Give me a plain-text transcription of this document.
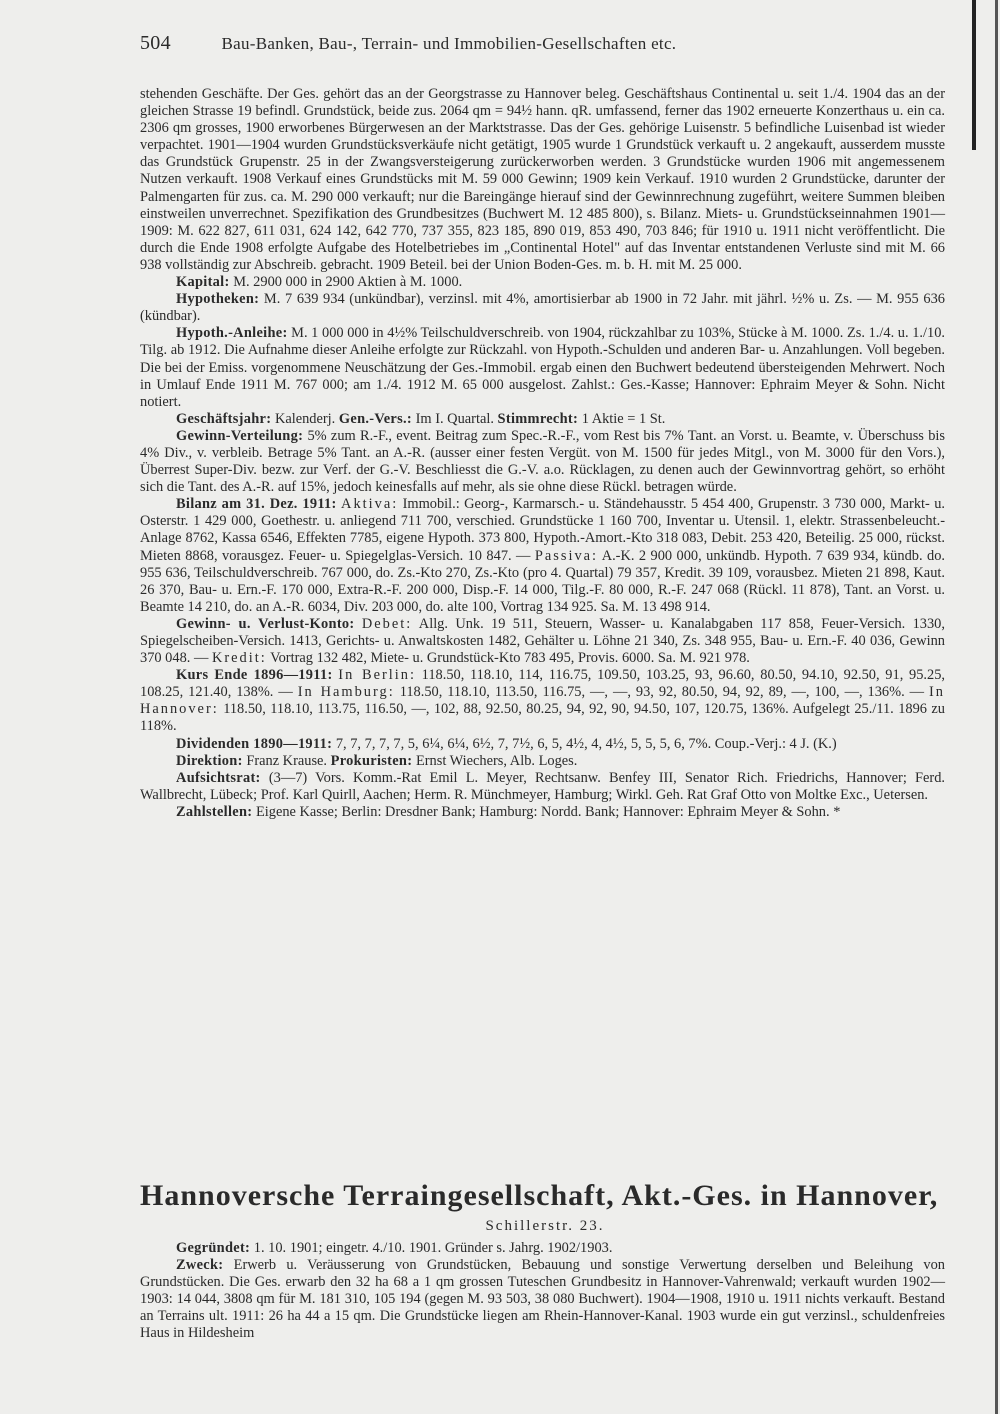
504	Bau-Banken, Bau-, Terrain- und Immobilien-Gesellschaften etc.

stehenden Geschäfte. Der Ges. gehört das an der Georgstrasse zu Hannover beleg. Geschäftshaus Continental u. seit 1./4. 1904 das an der gleichen Strasse 19 befindl. Grundstück, beide zus. 2064 qm = 94½ hann. qR. umfassend, ferner das 1902 erneuerte Konzerthaus u. ein ca. 2306 qm grosses, 1900 erworbenes Bürgerwesen an der Marktstrasse. Das der Ges. gehörige Luisenstr. 5 befindliche Luisenbad ist wieder verpachtet. 1901—1904 wurden Grundstücksverkäufe nicht getätigt, 1905 wurde 1 Grundstück verkauft u. 2 angekauft, ausserdem musste das Grundstück Grupenstr. 25 in der Zwangsversteigerung zurückerworben werden. 3 Grundstücke wurden 1906 mit angemessenem Nutzen verkauft. 1908 Verkauf eines Grundstücks mit M. 59 000 Gewinn; 1909 kein Verkauf. 1910 wurden 2 Grundstücke, darunter der Palmengarten für zus. ca. M. 290 000 verkauft; nur die Bareingänge hierauf sind der Gewinnrechnung zugeführt, weitere Summen bleiben einstweilen unverrechnet. Spezifikation des Grundbesitzes (Buchwert M. 12 485 800), s. Bilanz. Miets- u. Grundstückseinnahmen 1901—1909: M. 622 827, 611 031, 624 142, 642 770, 737 355, 823 185, 890 019, 853 490, 703 846; für 1910 u. 1911 nicht veröffentlicht. Die durch die Ende 1908 erfolgte Aufgabe des Hotelbetriebes im „Continental Hotel" auf das Inventar entstandenen Verluste sind mit M. 66 938 vollständig zur Abschreib. gebracht. 1909 Beteil. bei der Union Boden-Ges. m. b. H. mit M. 25 000.

Kapital: M. 2900 000 in 2900 Aktien à M. 1000.

Hypotheken: M. 7 639 934 (unkündbar), verzinsl. mit 4%, amortisierbar ab 1900 in 72 Jahr. mit jährl. ½% u. Zs. — M. 955 636 (kündbar).

Hypoth.-Anleihe: M. 1 000 000 in 4½% Teilschuldverschreib. von 1904, rückzahlbar zu 103%, Stücke à M. 1000. Zs. 1./4. u. 1./10. Tilg. ab 1912. Die Aufnahme dieser Anleihe erfolgte zur Rückzahl. von Hypoth.-Schulden und anderen Bar- u. Anzahlungen. Voll begeben. Die bei der Emiss. vorgenommene Neuschätzung der Ges.-Immobil. ergab einen den Buchwert bedeutend übersteigenden Mehrwert. Noch in Umlauf Ende 1911 M. 767 000; am 1./4. 1912 M. 65 000 ausgelost. Zahlst.: Ges.-Kasse; Hannover: Ephraim Meyer & Sohn. Nicht notiert.

Geschäftsjahr: Kalenderj. Gen.-Vers.: Im I. Quartal. Stimmrecht: 1 Aktie = 1 St.

Gewinn-Verteilung: 5% zum R.-F., event. Beitrag zum Spec.-R.-F., vom Rest bis 7% Tant. an Vorst. u. Beamte, v. Überschuss bis 4% Div., v. verbleib. Betrage 5% Tant. an A.-R. (ausser einer festen Vergüt. von M. 1500 für jedes Mitgl., von M. 3000 für den Vors.), Überrest Super-Div. bezw. zur Verf. der G.-V. Beschliesst die G.-V. a.o. Rücklagen, zu denen auch der Gewinnvortrag gehört, so erhöht sich die Tant. des A.-R. auf 15%, jedoch keinesfalls auf mehr, als sie ohne diese Rückl. betragen würde.

Bilanz am 31. Dez. 1911: Aktiva: Immobil.: Georg-, Karmarsch.- u. Ständehausstr. 5 454 400, Grupenstr. 3 730 000, Markt- u. Osterstr. 1 429 000, Goethestr. u. anliegend 711 700, verschied. Grundstücke 1 160 700, Inventar u. Utensil. 1, elektr. Strassenbeleucht.-Anlage 8762, Kassa 6546, Effekten 7785, eigene Hypoth. 373 800, Hypoth.-Amort.-Kto 318 083, Debit. 253 420, Beteilig. 25 000, rückst. Mieten 8868, vorausgez. Feuer- u. Spiegelglas-Versich. 10 847. — Passiva: A.-K. 2 900 000, unkündb. Hypoth. 7 639 934, kündb. do. 955 636, Teilschuldverschreib. 767 000, do. Zs.-Kto 270, Zs.-Kto (pro 4. Quartal) 79 357, Kredit. 39 109, vorausbez. Mieten 21 898, Kaut. 26 370, Bau- u. Ern.-F. 170 000, Extra-R.-F. 200 000, Disp.-F. 14 000, Tilg.-F. 80 000, R.-F. 247 068 (Rückl. 11 878), Tant. an Vorst. u. Beamte 14 210, do. an A.-R. 6034, Div. 203 000, do. alte 100, Vortrag 134 925. Sa. M. 13 498 914.

Gewinn- u. Verlust-Konto: Debet: Allg. Unk. 19 511, Steuern, Wasser- u. Kanalabgaben 117 858, Feuer-Versich. 1330, Spiegelscheiben-Versich. 1413, Gerichts- u. Anwaltskosten 1482, Gehälter u. Löhne 21 340, Zs. 348 955, Bau- u. Ern.-F. 40 036, Gewinn 370 048. — Kredit: Vortrag 132 482, Miete- u. Grundstück-Kto 783 495, Provis. 6000. Sa. M. 921 978.

Kurs Ende 1896—1911: In Berlin: 118.50, 118.10, 114, 116.75, 109.50, 103.25, 93, 96.60, 80.50, 94.10, 92.50, 91, 95.25, 108.25, 121.40, 138%. — In Hamburg: 118.50, 118.10, 113.50, 116.75, —, —, 93, 92, 80.50, 94, 92, 89, —, 100, —, 136%. — In Hannover: 118.50, 118.10, 113.75, 116.50, —, 102, 88, 92.50, 80.25, 94, 92, 90, 94.50, 107, 120.75, 136%. Aufgelegt 25./11. 1896 zu 118%.

Dividenden 1890—1911: 7, 7, 7, 7, 7, 5, 6¼, 6¼, 6½, 7, 7½, 6, 5, 4½, 4, 4½, 5, 5, 5, 6, 7%. Coup.-Verj.: 4 J. (K.)

Direktion: Franz Krause. Prokuristen: Ernst Wiechers, Alb. Loges.

Aufsichtsrat: (3—7) Vors. Komm.-Rat Emil L. Meyer, Rechtsanw. Benfey III, Senator Rich. Friedrichs, Hannover; Ferd. Wallbrecht, Lübeck; Prof. Karl Quirll, Aachen; Herm. R. Münchmeyer, Hamburg; Wirkl. Geh. Rat Graf Otto von Moltke Exc., Uetersen.

Zahlstellen: Eigene Kasse; Berlin: Dresdner Bank; Hamburg: Nordd. Bank; Hannover: Ephraim Meyer & Sohn. *

Hannoversche Terraingesellschaft, Akt.-Ges. in Hannover,
Schillerstr. 23.

Gegründet: 1. 10. 1901; eingetr. 4./10. 1901. Gründer s. Jahrg. 1902/1903.

Zweck: Erwerb u. Veräusserung von Grundstücken, Bebauung und sonstige Verwertung derselben und Beleihung von Grundstücken. Die Ges. erwarb den 32 ha 68 a 1 qm grossen Tuteschen Grundbesitz in Hannover-Vahrenwald; verkauft wurden 1902—1903: 14 044, 3808 qm für M. 181 310, 105 194 (gegen M. 93 503, 38 080 Buchwert). 1904—1908, 1910 u. 1911 nichts verkauft. Bestand an Terrains ult. 1911: 26 ha 44 a 15 qm. Die Grundstücke liegen am Rhein-Hannover-Kanal. 1903 wurde ein gut verzinsl., schuldenfreies Haus in Hildesheim
